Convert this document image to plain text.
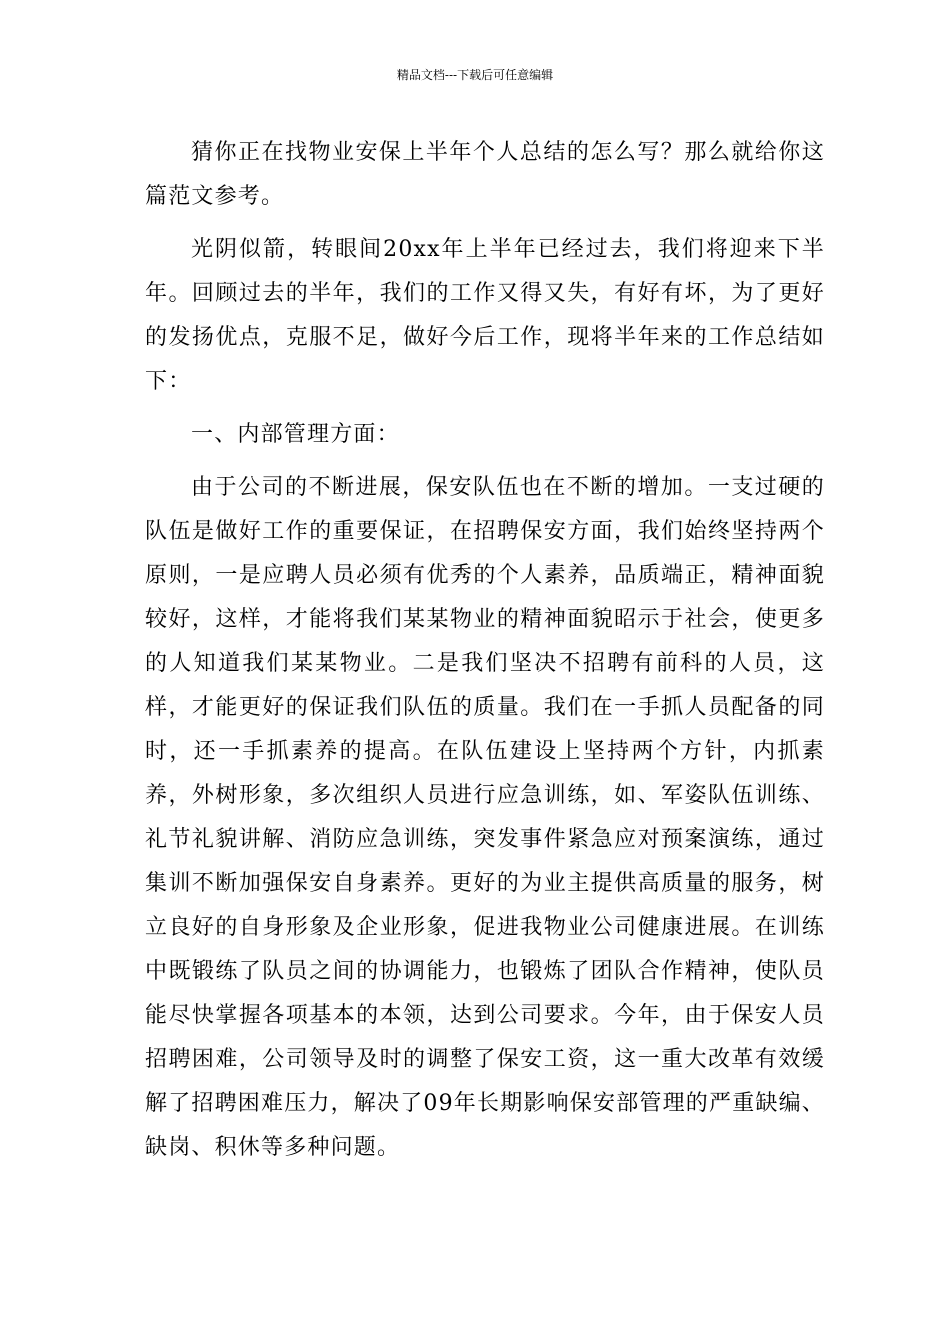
精品文档---下载后可任意编辑

猜你正在找物业安保上半年个人总结的怎么写？那么就给你这篇范文参考。

光阴似箭，转眼间20xx年上半年已经过去，我们将迎来下半年。回顾过去的半年，我们的工作又得又失，有好有坏，为了更好的发扬优点，克服不足，做好今后工作，现将半年来的工作总结如下：

一、内部管理方面：

由于公司的不断进展，保安队伍也在不断的增加。一支过硬的队伍是做好工作的重要保证，在招聘保安方面，我们始终坚持两个原则，一是应聘人员必须有优秀的个人素养，品质端正，精神面貌较好，这样，才能将我们某某物业的精神面貌昭示于社会，使更多的人知道我们某某物业。二是我们坚决不招聘有前科的人员，这样，才能更好的保证我们队伍的质量。我们在一手抓人员配备的同时，还一手抓素养的提高。在队伍建设上坚持两个方针，内抓素养，外树形象，多次组织人员进行应急训练，如、军姿队伍训练、礼节礼貌讲解、消防应急训练，突发事件紧急应对预案演练，通过集训不断加强保安自身素养。更好的为业主提供高质量的服务，树立良好的自身形象及企业形象，促进我物业公司健康进展。在训练中既锻练了队员之间的协调能力，也锻炼了团队合作精神，使队员能尽快掌握各项基本的本领，达到公司要求。今年，由于保安人员招聘困难，公司领导及时的调整了保安工资，这一重大改革有效缓解了招聘困难压力，解决了09年长期影响保安部管理的严重缺编、缺岗、积休等多种问题。
